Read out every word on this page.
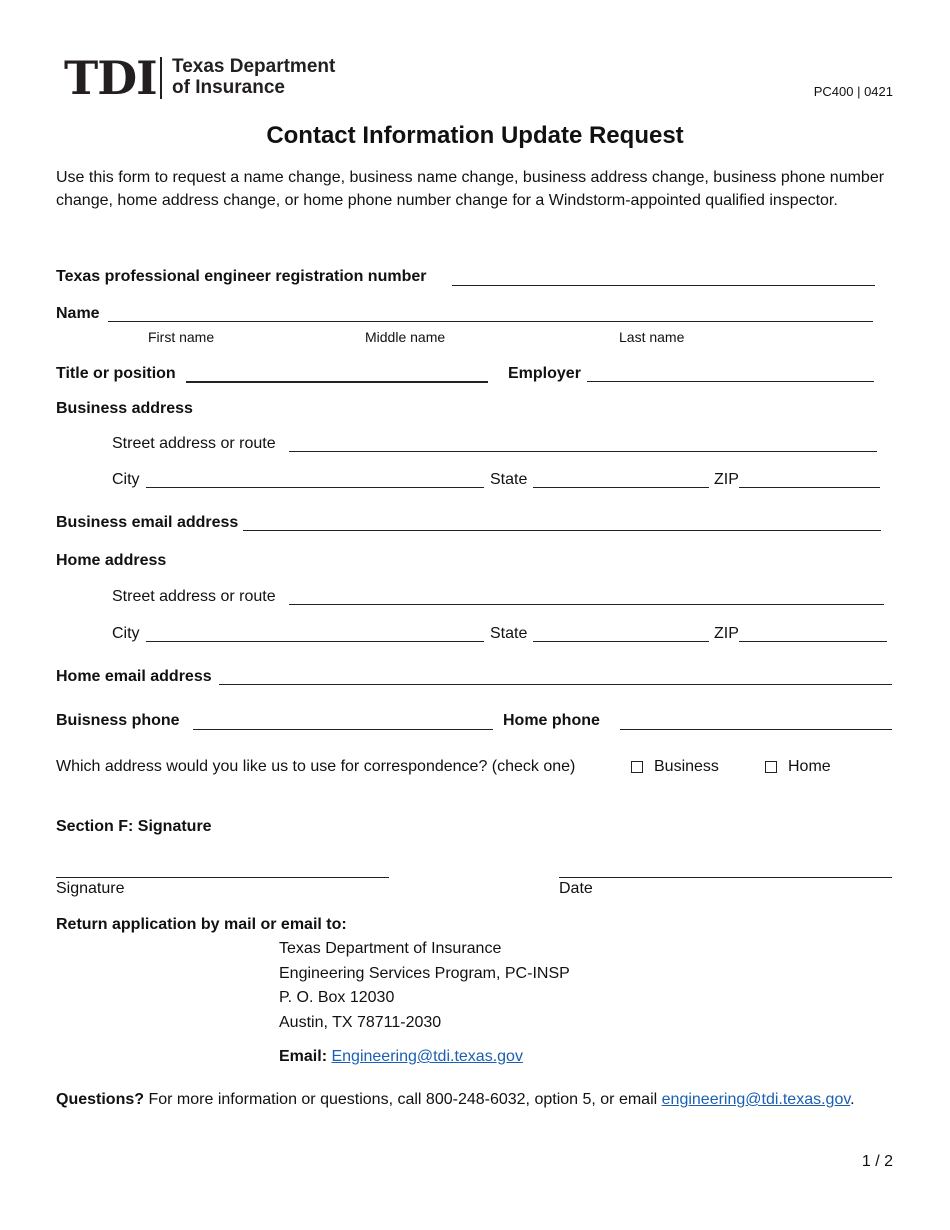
TDI Texas Department
of Insurance	PC400 | 0421
Contact Information Update Request
Use this form to request a name change, business name change, business address change, business phone number change, home address change, or home phone number change for a Windstorm-appointed qualified inspector.
Texas professional engineer registration number
Name
First name	Middle name	Last name
Title or position	Employer
Business address
Street address or route
City	State	ZIP
Business email address
Home address
Street address or route
City	State	ZIP
Home email address
Buisness phone	Home phone
Which address would you like us to use for correspondence? (check one)	Business	Home
Section F: Signature
Signature	Date
Return application by mail or email to:
Texas Department of Insurance
Engineering Services Program, PC-INSP
P. O. Box 12030
Austin, TX 78711-2030
Email: Engineering@tdi.texas.gov
Questions? For more information or questions, call 800-248-6032, option 5, or email engineering@tdi.texas.gov.
1 / 2
